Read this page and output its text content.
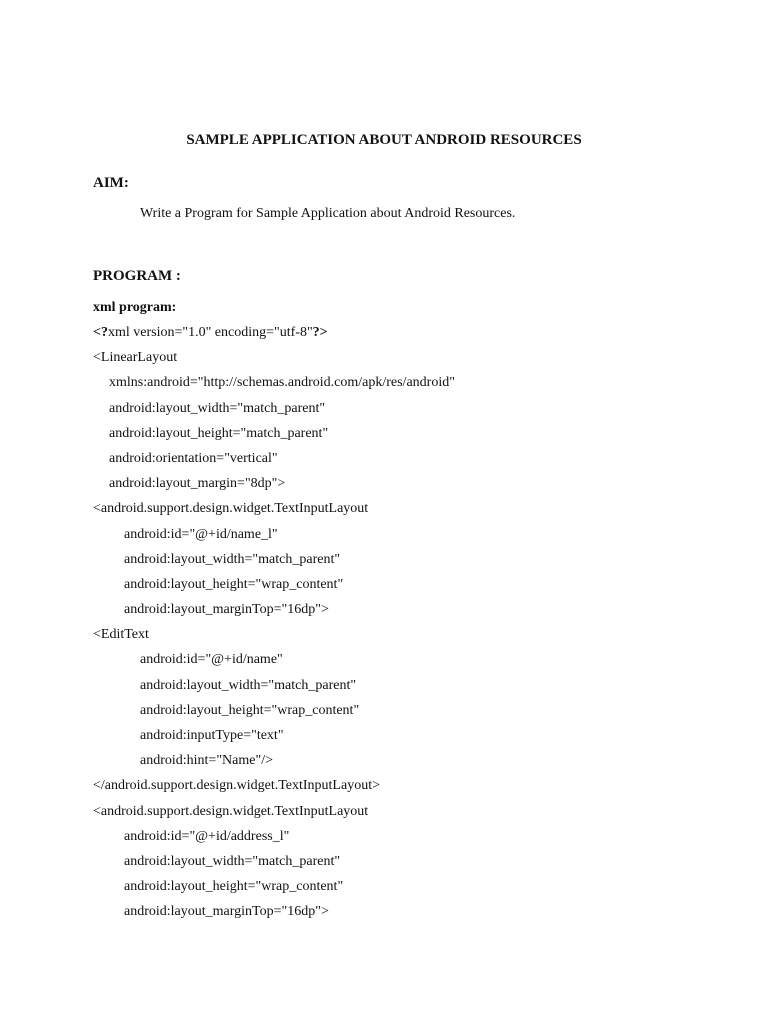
SAMPLE APPLICATION ABOUT ANDROID RESOURCES
AIM:

Write a Program for Sample Application about Android Resources.

PROGRAM :
xml program:
<?xml version="1.0" encoding="utf-8"?>
<LinearLayout
xmlns:android="http://schemas.android.com/apk/res/android"
android:layout_width="match_parent"
android:layout_height="match_parent"
android:orientation="vertical"
android:layout_margin="8dp">
<android.support.design.widget.TextInputLayout
android:id="@+id/name_l"
android:layout_width="match_parent"
android:layout_height="wrap_content"
android:layout_marginTop="16dp">
<EditText
android:id="@+id/name"
android:layout_width="match_parent"
android:layout_height="wrap_content"
android:inputType="text"
android:hint="Name"/>
</android.support.design.widget.TextInputLayout>
<android.support.design.widget.TextInputLayout
android:id="@+id/address_l"
android:layout_width="match_parent"
android:layout_height="wrap_content"
android:layout_marginTop="16dp">
